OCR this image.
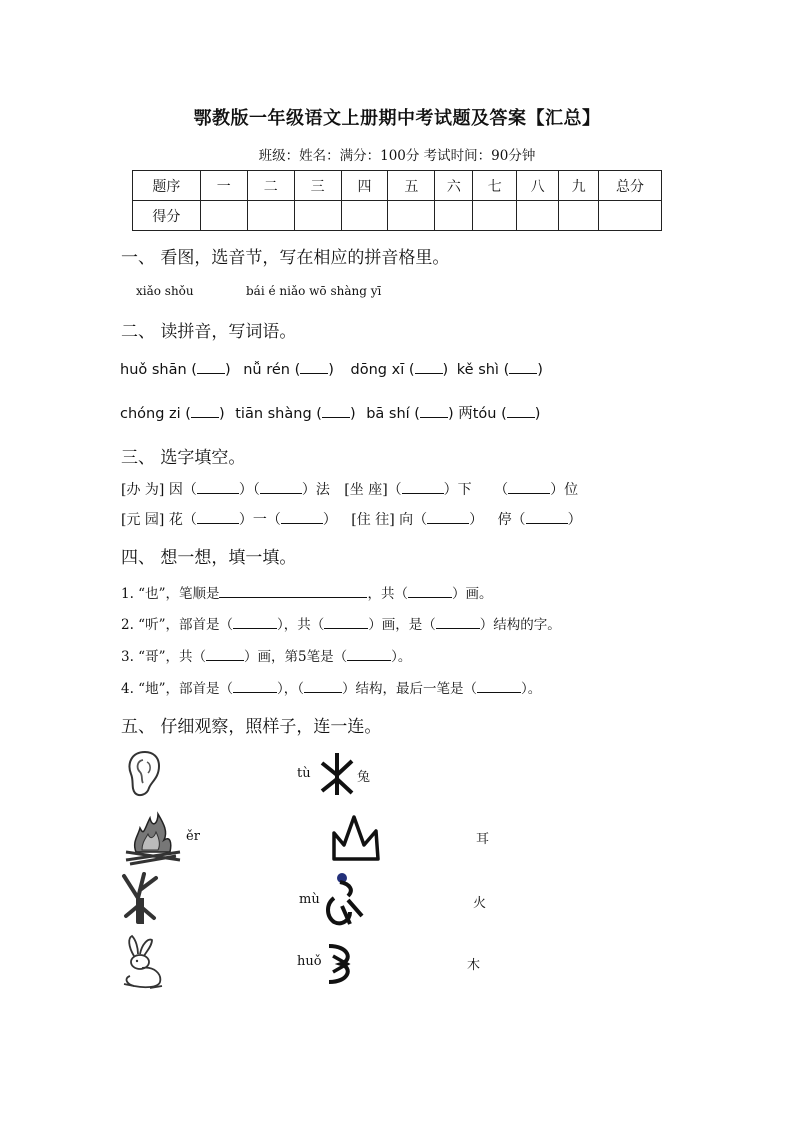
鄂教版一年级语文上册期中考试题及答案【汇总】
班级：姓名：满分：100分 考试时间：90分钟
题序	一	二	三	四	五	六	七	八	九	总分
得分										
一、 看图，选音节，写在相应的拼音格里。
xiǎo shǒu	bái é niǎo wō shàng yī
二、 读拼音，写词语。
huǒ shān ( ) nǚ rén ( ) dōng xī ( ) kě shì ( )
chóng zi ( ) tiān shàng ( ) bā shí ( ) 两tóu ( )
三、 选字填空。
[办 为] 因（	）（	）法 [坐 座]（	）下 （	）位
[元 园] 花（	）一（	） [住 往] 向（	） 停（	）
四、 想一想，填一填。
1. “也”，笔顺是	，共（	）画。
2. “听”，部首是（	），共（	）画，是（	）结构的字。
3. “哥”，共（	）画，第5笔是（	）。
4. “地”，部首是（	），（	）结构，最后一笔是（	）。
五、 仔细观察，照样子，连一连。
tù	兔
ěr	耳
mù	火
huǒ	木
